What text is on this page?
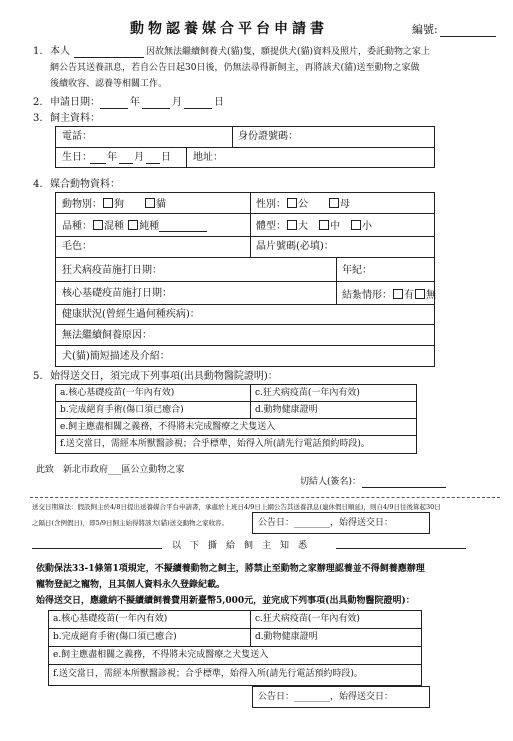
動物認養媒合平台申請書	編號:
1. 本人	因故無法繼續飼養犬(貓)隻，願提供犬(貓)資料及照片，委託動物之家上
網公告其送養訊息，若自公告日起30日後，仍無法尋得新飼主，再將該犬(貓)送至動物之家做
後續收容、認養等相關工作。
2. 申請日期：	年	月	日
3. 飼主資料：
電話：	身份證號碼：
生日： 年 月 日 地址：
4. 媒合動物資料：
動物別： 狗　　	貓	性別： 公　　	母
品種： 混種 純種	體型： 大　 中　 小
毛色：	晶片號碼(必填)：
狂犬病疫苗施打日期：	年紀：
核心基礎疫苗施打日期：	結紮情形： 有 無
健康狀況(曾經生過何種疾病)：
無法繼續飼養原因：
犬(貓)簡短描述及介紹：
5. 始得送交日，須完成下列事項(出具動物醫院證明)：
a.核心基礎疫苗(一年內有效)	c.狂犬病疫苗(一年內有效)
b.完成絕育手術(傷口須已癒合)	d.動物健康證明
e.飼主應盡相關之義務，不得將未完成醫療之犬隻送入
f.送交當日，需經本所獸醫診視；合乎標準，始得入所(請先行電話預約時段)。
此致　新北市政府___區公立動物之家
切結人(簽名)：
送交日期算法：假設飼主於4/8日提出送養媒合平台申請書，承處於上班日4/9日上網公告其送養訊息(連休假日順延)，則自4/9日往後算起30日
之隔日(含例假日)，即5/9日飼主始得將該犬(貓)送交動物之家收容。	公告日：________，始得送交日：
以　下　撕　給　飼　主　知　悉
依動保法33-1條第1項規定，不擬續養動物之飼主，將禁止至動物之家辦理認養並不得飼養應辦理
寵物登記之寵物，且其個人資料永久登錄紀載。
始得送交日，應繳納不擬續續飼養費用新臺幣5,000元，並完成下列事項(出具動物醫院證明)：
a.核心基礎疫苗(一年內有效)	c.狂犬病疫苗(一年內有效)
b.完成絕育手術(傷口須已癒合)	d.動物健康證明
e.飼主應盡相關之義務，不得將未完成醫療之犬隻送入
f.送交當日，需經本所獸醫診視；合乎標準，始得入所(請先行電話預約時段)。
公告日：________，始得送交日：
